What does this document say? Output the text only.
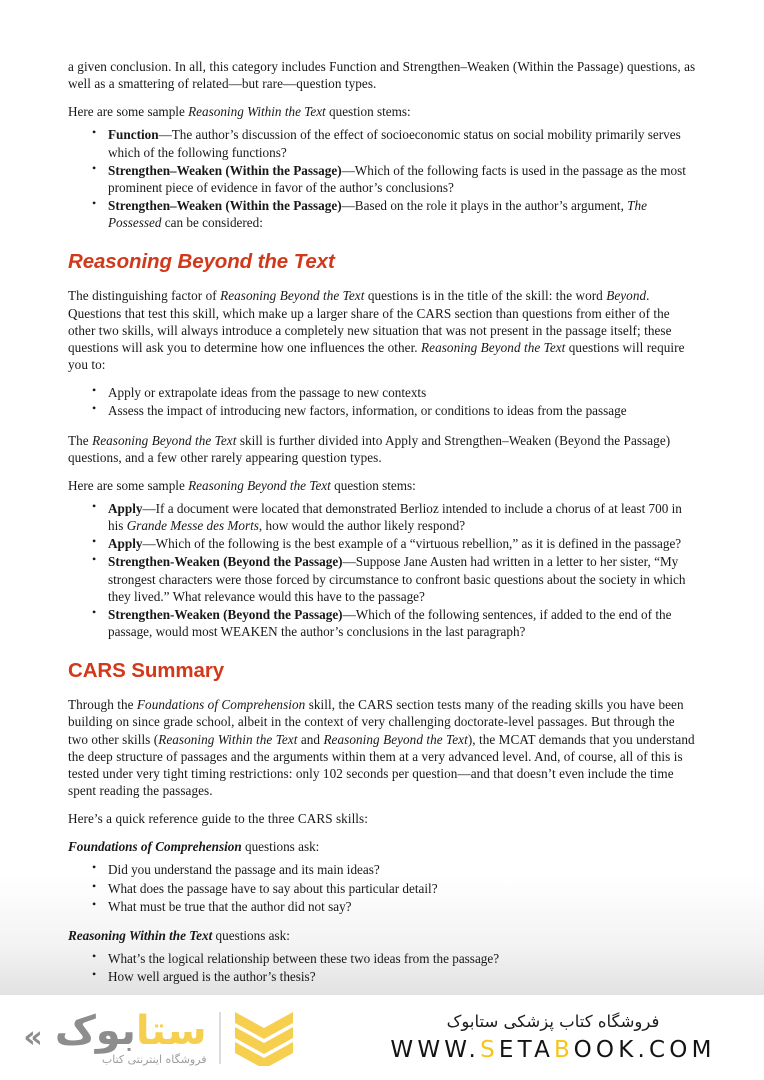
a given conclusion. In all, this category includes Function and Strengthen–Weaken (Within the Passage) questions, as well as a smattering of related—but rare—question types.

Here are some sample Reasoning Within the Text question stems:

• Function—The author’s discussion of the effect of socioeconomic status on social mobility primarily serves which of the following functions?
• Strengthen–Weaken (Within the Passage)—Which of the following facts is used in the passage as the most prominent piece of evidence in favor of the author’s conclusions?
• Strengthen–Weaken (Within the Passage)—Based on the role it plays in the author’s argument, The Possessed can be considered:
Reasoning Beyond the Text

The distinguishing factor of Reasoning Beyond the Text questions is in the title of the skill: the word Beyond. Questions that test this skill, which make up a larger share of the CARS section than questions from either of the other two skills, will always introduce a completely new situation that was not present in the passage itself; these questions will ask you to determine how one influences the other. Reasoning Beyond the Text questions will require you to:

• Apply or extrapolate ideas from the passage to new contexts
• Assess the impact of introducing new factors, information, or conditions to ideas from the passage

The Reasoning Beyond the Text skill is further divided into Apply and Strengthen–Weaken (Beyond the Passage) questions, and a few other rarely appearing question types.

Here are some sample Reasoning Beyond the Text question stems:

• Apply—If a document were located that demonstrated Berlioz intended to include a chorus of at least 700 in his Grande Messe des Morts, how would the author likely respond?
• Apply—Which of the following is the best example of a “virtuous rebellion,” as it is defined in the passage?
• Strengthen-Weaken (Beyond the Passage)—Suppose Jane Austen had written in a letter to her sister, “My strongest characters were those forced by circumstance to confront basic questions about the society in which they lived.” What relevance would this have to the passage?
• Strengthen-Weaken (Beyond the Passage)—Which of the following sentences, if added to the end of the passage, would most WEAKEN the author’s conclusions in the last paragraph?
CARS Summary

Through the Foundations of Comprehension skill, the CARS section tests many of the reading skills you have been building on since grade school, albeit in the context of very challenging doctorate-level passages. But through the two other skills (Reasoning Within the Text and Reasoning Beyond the Text), the MCAT demands that you understand the deep structure of passages and the arguments within them at a very advanced level. And, of course, all of this is tested under very tight timing restrictions: only 102 seconds per question—and that doesn’t even include the time spent reading the passages.

Here’s a quick reference guide to the three CARS skills:

Foundations of Comprehension questions ask:

• Did you understand the passage and its main ideas?
• What does the passage have to say about this particular detail?
• What must be true that the author did not say?

Reasoning Within the Text questions ask:

• What’s the logical relationship between these two ideas from the passage?
• How well argued is the author’s thesis?

«	ستابوک
فروشگاه اینترنتی کتاب
فروشگاه کتاب پزشکی ستابوک
WWW.SETABOOK.COM
